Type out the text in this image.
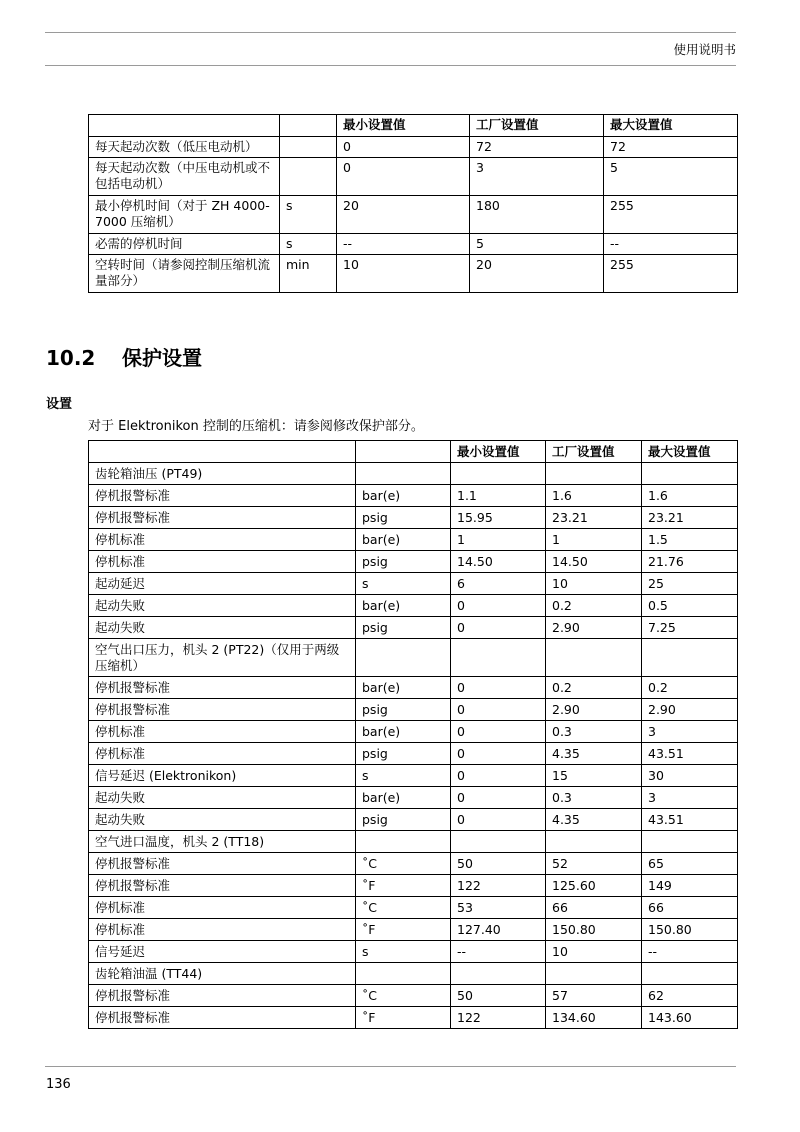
使用说明书
		最小设置值	工厂设置值	最大设置值
每天起动次数（低压电动机）		0	72	72
每天起动次数（中压电动机或不包括电动机）		0	3	5
最小停机时间（对于 ZH 4000-7000 压缩机）	s	20	180	255
必需的停机时间	s	--	5	--
空转时间（请参阅控制压缩机流量部分）	min	10	20	255
10.2 保护设置
设置
对于 Elektronikon 控制的压缩机：请参阅修改保护部分。
		最小设置值	工厂设置值	最大设置值
齿轮箱油压 (PT49)				
停机报警标准	bar(e)	1.1	1.6	1.6
停机报警标准	psig	15.95	23.21	23.21
停机标准	bar(e)	1	1	1.5
停机标准	psig	14.50	14.50	21.76
起动延迟	s	6	10	25
起动失败	bar(e)	0	0.2	0.5
起动失败	psig	0	2.90	7.25
空气出口压力，机头 2 (PT22)（仅用于两级压缩机）				
停机报警标准	bar(e)	0	0.2	0.2
停机报警标准	psig	0	2.90	2.90
停机标准	bar(e)	0	0.3	3
停机标准	psig	0	4.35	43.51
信号延迟 (Elektronikon)	s	0	15	30
起动失败	bar(e)	0	0.3	3
起动失败	psig	0	4.35	43.51
空气进口温度，机头 2 (TT18)				
停机报警标准	˚C	50	52	65
停机报警标准	˚F	122	125.60	149
停机标准	˚C	53	66	66
停机标准	˚F	127.40	150.80	150.80
信号延迟	s	--	10	--
齿轮箱油温 (TT44)				
停机报警标准	˚C	50	57	62
停机报警标准	˚F	122	134.60	143.60
136
